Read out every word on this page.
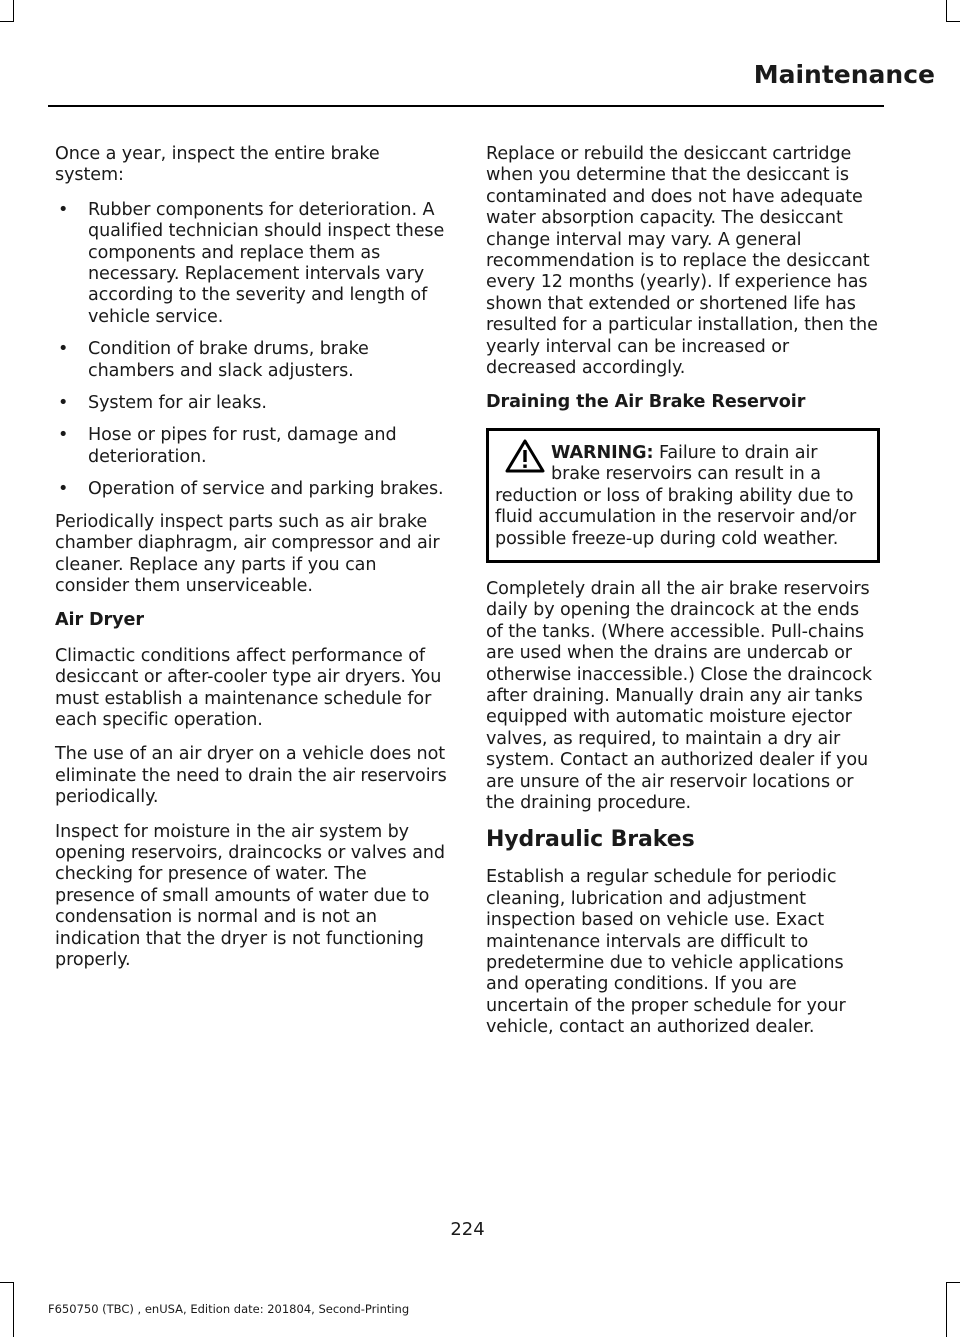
Maintenance

Once a year, inspect the entire brake system:

• Rubber components for deterioration. A qualified technician should inspect these components and replace them as necessary. Replacement intervals vary according to the severity and length of vehicle service.
• Condition of brake drums, brake chambers and slack adjusters.
• System for air leaks.
• Hose or pipes for rust, damage and deterioration.
• Operation of service and parking brakes.

Periodically inspect parts such as air brake chamber diaphragm, air compressor and air cleaner. Replace any parts if you can consider them unserviceable.

Air Dryer

Climactic conditions affect performance of desiccant or after-cooler type air dryers. You must establish a maintenance schedule for each specific operation.

The use of an air dryer on a vehicle does not eliminate the need to drain the air reservoirs periodically.

Inspect for moisture in the air system by opening reservoirs, draincocks or valves and checking for presence of water. The presence of small amounts of water due to condensation is normal and is not an indication that the dryer is not functioning properly.

Replace or rebuild the desiccant cartridge when you determine that the desiccant is contaminated and does not have adequate water absorption capacity. The desiccant change interval may vary. A general recommendation is to replace the desiccant every 12 months (yearly). If experience has shown that extended or shortened life has resulted for a particular installation, then the yearly interval can be increased or decreased accordingly.

Draining the Air Brake Reservoir
WARNING: Failure to drain air brake reservoirs can result in a reduction or loss of braking ability due to fluid accumulation in the reservoir and/or possible freeze-up during cold weather.

Completely drain all the air brake reservoirs daily by opening the draincock at the ends of the tanks. (Where accessible. Pull-chains are used when the drains are undercab or otherwise inaccessible.) Close the draincock after draining. Manually drain any air tanks equipped with automatic moisture ejector valves, as required, to maintain a dry air system. Contact an authorized dealer if you are unsure of the air reservoir locations or the draining procedure.

Hydraulic Brakes

Establish a regular schedule for periodic cleaning, lubrication and adjustment inspection based on vehicle use. Exact maintenance intervals are difficult to predetermine due to vehicle applications and operating conditions. If you are uncertain of the proper schedule for your vehicle, contact an authorized dealer.

224
F650750 (TBC) , enUSA, Edition date: 201804, Second-Printing
